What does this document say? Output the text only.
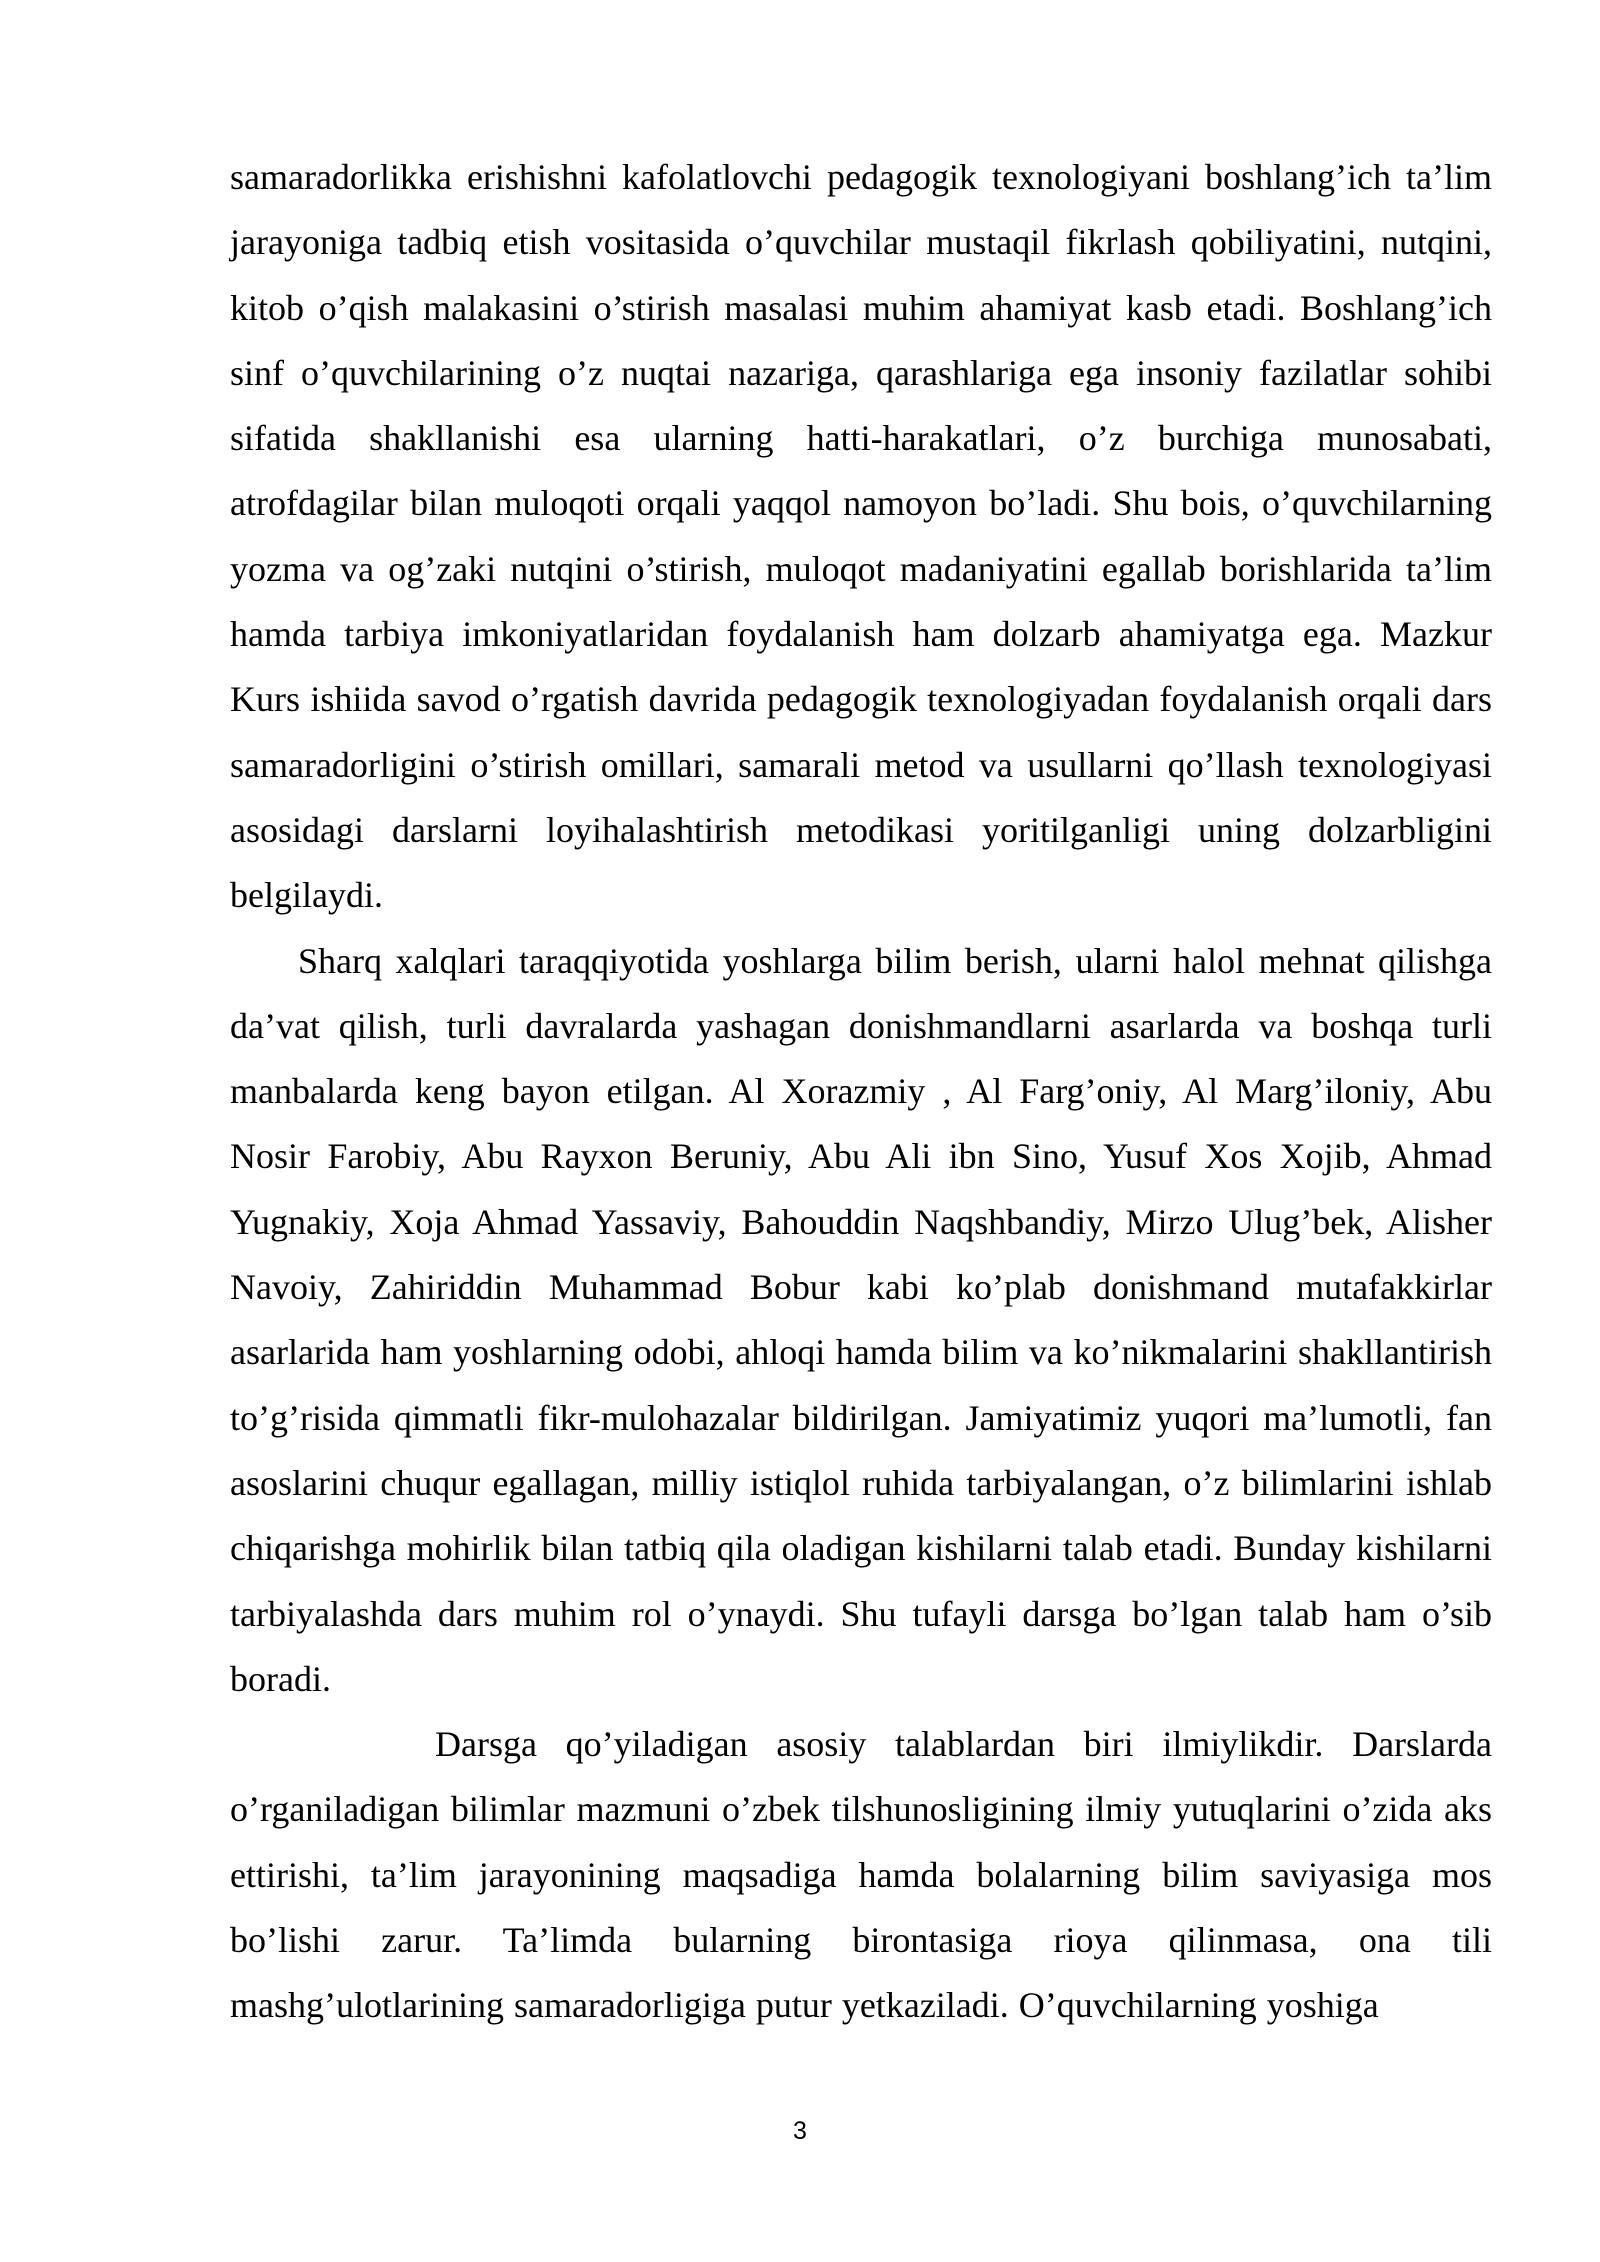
samaradorlikka erishishni kafolatlovchi pedagogik texnologiyani boshlang’ich ta’lim jarayoniga tadbiq etish vositasida o’quvchilar mustaqil fikrlash qobiliyatini, nutqini, kitob o’qish malakasini o’stirish masalasi muhim ahamiyat kasb etadi. Boshlang’ich sinf o’quvchilarining o’z nuqtai nazariga, qarashlariga ega insoniy fazilatlar sohibi sifatida shakllanishi esa ularning hatti-harakatlari, o’z burchiga munosabati, atrofdagilar bilan muloqoti orqali yaqqol namoyon bo’ladi. Shu bois, o’quvchilarning yozma va og’zaki nutqini o’stirish, muloqot madaniyatini egallab borishlarida ta’lim hamda tarbiya imkoniyatlaridan foydalanish ham dolzarb ahamiyatga ega. Mazkur Kurs ishiida savod o’rgatish davrida pedagogik texnologiyadan foydalanish orqali dars samaradorligini o’stirish omillari, samarali metod va usullarni qo’llash texnologiyasi asosidagi darslarni loyihalashtirish metodikasi yoritilganligi uning dolzarbligini belgilaydi.

Sharq xalqlari taraqqiyotida yoshlarga bilim berish, ularni halol mehnat qilishga da’vat qilish, turli davralarda yashagan donishmandlarni asarlarda va boshqa turli manbalarda keng bayon etilgan. Al Xorazmiy , Al Farg’oniy, Al Marg’iloniy, Abu Nosir Farobiy, Abu Rayxon Beruniy, Abu Ali ibn Sino, Yusuf Xos Xojib, Ahmad Yugnakiy, Xoja Ahmad Yassaviy, Bahouddin Naqshbandiy, Mirzo Ulug’bek, Alisher Navoiy, Zahiriddin Muhammad Bobur kabi ko’plab donishmand mutafakkirlar asarlarida ham yoshlarning odobi, ahloqi hamda bilim va ko’nikmalarini shakllantirish to’g’risida qimmatli fikr-mulohazalar bildirilgan. Jamiyatimiz yuqori ma’lumotli, fan asoslarini chuqur egallagan, milliy istiqlol ruhida tarbiyalangan, o’z bilimlarini ishlab chiqarishga mohirlik bilan tatbiq qila oladigan kishilarni talab etadi. Bunday kishilarni tarbiyalashda dars muhim rol o’ynaydi. Shu tufayli darsga bo’lgan talab ham o’sib boradi.

Darsga qo’yiladigan asosiy talablardan biri ilmiylikdir. Darslarda o’rganiladigan bilimlar mazmuni o’zbek tilshunosligining ilmiy yutuqlarini o’zida aks ettirishi, ta’lim jarayonining maqsadiga hamda bolalarning bilim saviyasiga mos bo’lishi zarur. Ta’limda bularning birontasiga rioya qilinmasa, ona tili mashg’ulotlarining samaradorligiga putur yetkaziladi. O’quvchilarning yoshiga

3
